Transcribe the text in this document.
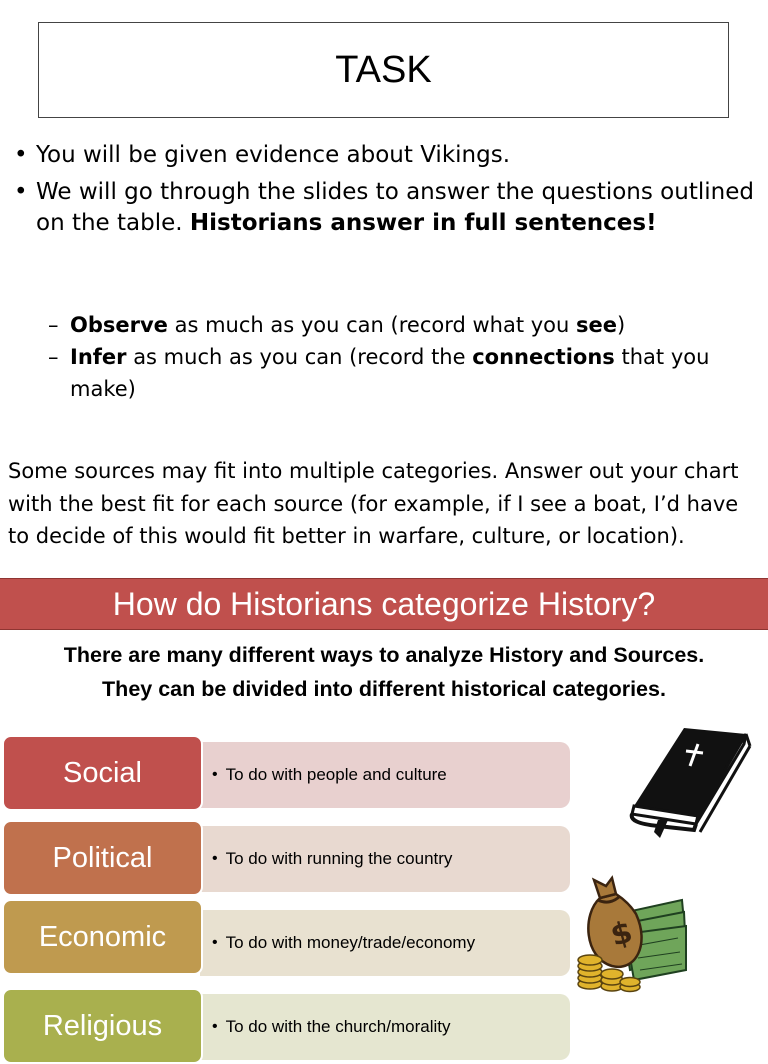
TASK
• You will be given evidence about Vikings.
• We will go through the slides to answer the questions outlined on the table. Historians answer in full sentences!
– Observe as much as you can (record what you see)
– Infer as much as you can (record the connections that you make)
Some sources may fit into multiple categories. Answer out your chart with the best fit for each source (for example, if I see a boat, I’d have to decide of this would fit better in warfare, culture, or location).
How do Historians categorize History?
There are many different ways to analyze History and Sources.
They can be divided into different historical categories.
• To do with people and culture
Social
• To do with running the country
Political
• To do with money/trade/economy
Economic
• To do with the church/morality
Religious
$
